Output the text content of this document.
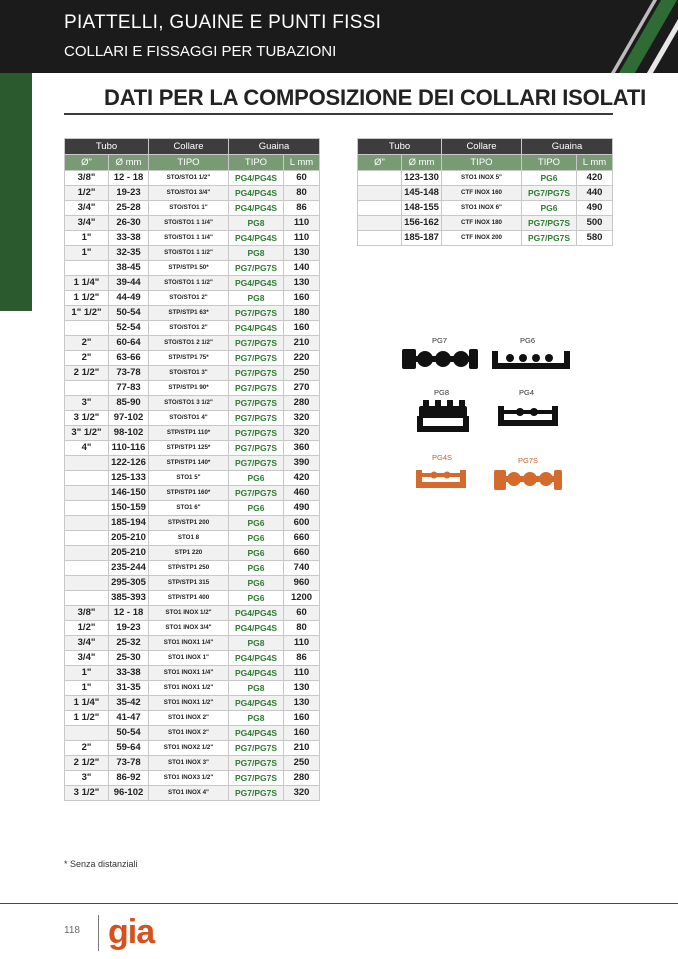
PIATTELLI, GUAINE E PUNTI FISSI
COLLARI E FISSAGGI PER TUBAZIONI
DATI PER LA COMPOSIZIONE DEI COLLARI ISOLATI
Tubo		Collare	Guaina	
Ø"	Ø mm	TIPO	TIPO	L mm
3/8"	12 - 18	STO/STO1 1/2"	PG4/PG4S	60
1/2"	19-23	STO/STO1 3/4"	PG4/PG4S	80
3/4"	25-28	STO/STO1 1"	PG4/PG4S	86
3/4"	26-30	STO/STO1 1 1/4"	PG8	110
1"	33-38	STO/STO1 1 1/4"	PG4/PG4S	110
1"	32-35	STO/STO1 1 1/2"	PG8	130
	38-45	STP/STP1 50*	PG7/PG7S	140
1 1/4"	39-44	STO/STO1 1 1/2"	PG4/PG4S	130
1 1/2"	44-49	STO/STO1 2"	PG8	160
1" 1/2"	50-54	STP/STP1 63*	PG7/PG7S	180
	52-54	STO/STO1 2"	PG4/PG4S	160
2"	60-64	STO/STO1 2 1/2"	PG7/PG7S	210
2"	63-66	STP/STP1 75*	PG7/PG7S	220
2 1/2"	73-78	STO/STO1 3"	PG7/PG7S	250
	77-83	STP/STP1 90*	PG7/PG7S	270
3"	85-90	STO/STO1 3 1/2"	PG7/PG7S	280
3 1/2"	97-102	STO/STO1 4"	PG7/PG7S	320
3" 1/2"	98-102	STP/STP1 110*	PG7/PG7S	320
4"	110-116	STP/STP1 125*	PG7/PG7S	360
	122-126	STP/STP1 140*	PG7/PG7S	390
	125-133	STO1 5"	PG6	420
	146-150	STP/STP1 160*	PG7/PG7S	460
	150-159	STO1 6"	PG6	490
	185-194	STP/STP1 200	PG6	600
	205-210	STO1 8	PG6	660
	205-210	STP1 220	PG6	660
	235-244	STP/STP1 250	PG6	740
	295-305	STP/STP1 315	PG6	960
	385-393	STP/STP1 400	PG6	1200
3/8"	12 - 18	STO1 INOX 1/2"	PG4/PG4S	60
1/2"	19-23	STO1 INOX 3/4"	PG4/PG4S	80
3/4"	25-32	STO1 INOX1 1/4"	PG8	110
3/4"	25-30	STO1 INOX 1"	PG4/PG4S	86
1"	33-38	STO1 INOX1 1/4"	PG4/PG4S	110
1"	31-35	STO1 INOX1 1/2"	PG8	130
1 1/4"	35-42	STO1 INOX1 1/2"	PG4/PG4S	130
1 1/2"	41-47	STO1 INOX 2"	PG8	160
	50-54	STO1 INOX 2"	PG4/PG4S	160
2"	59-64	STO1 INOX2 1/2"	PG7/PG7S	210
2 1/2"	73-78	STO1 INOX 3"	PG7/PG7S	250
3"	86-92	STO1 INOX3 1/2"	PG7/PG7S	280
3 1/2"	96-102	STO1 INOX 4"	PG7/PG7S	320
Tubo		Collare	Guaina	
Ø"	Ø mm	TIPO	TIPO	L mm
	123-130	STO1 INOX 5"	PG6	420
	145-148	CTF INOX 160	PG7/PG7S	440
	148-155	STO1 INOX 6"	PG6	490
	156-162	CTF INOX 180	PG7/PG7S	500
	185-187	CTF INOX 200	PG7/PG7S	580
PG7	PG6
PG8	PG4
PG4S	PG7S
* Senza distanziali
118 gia
